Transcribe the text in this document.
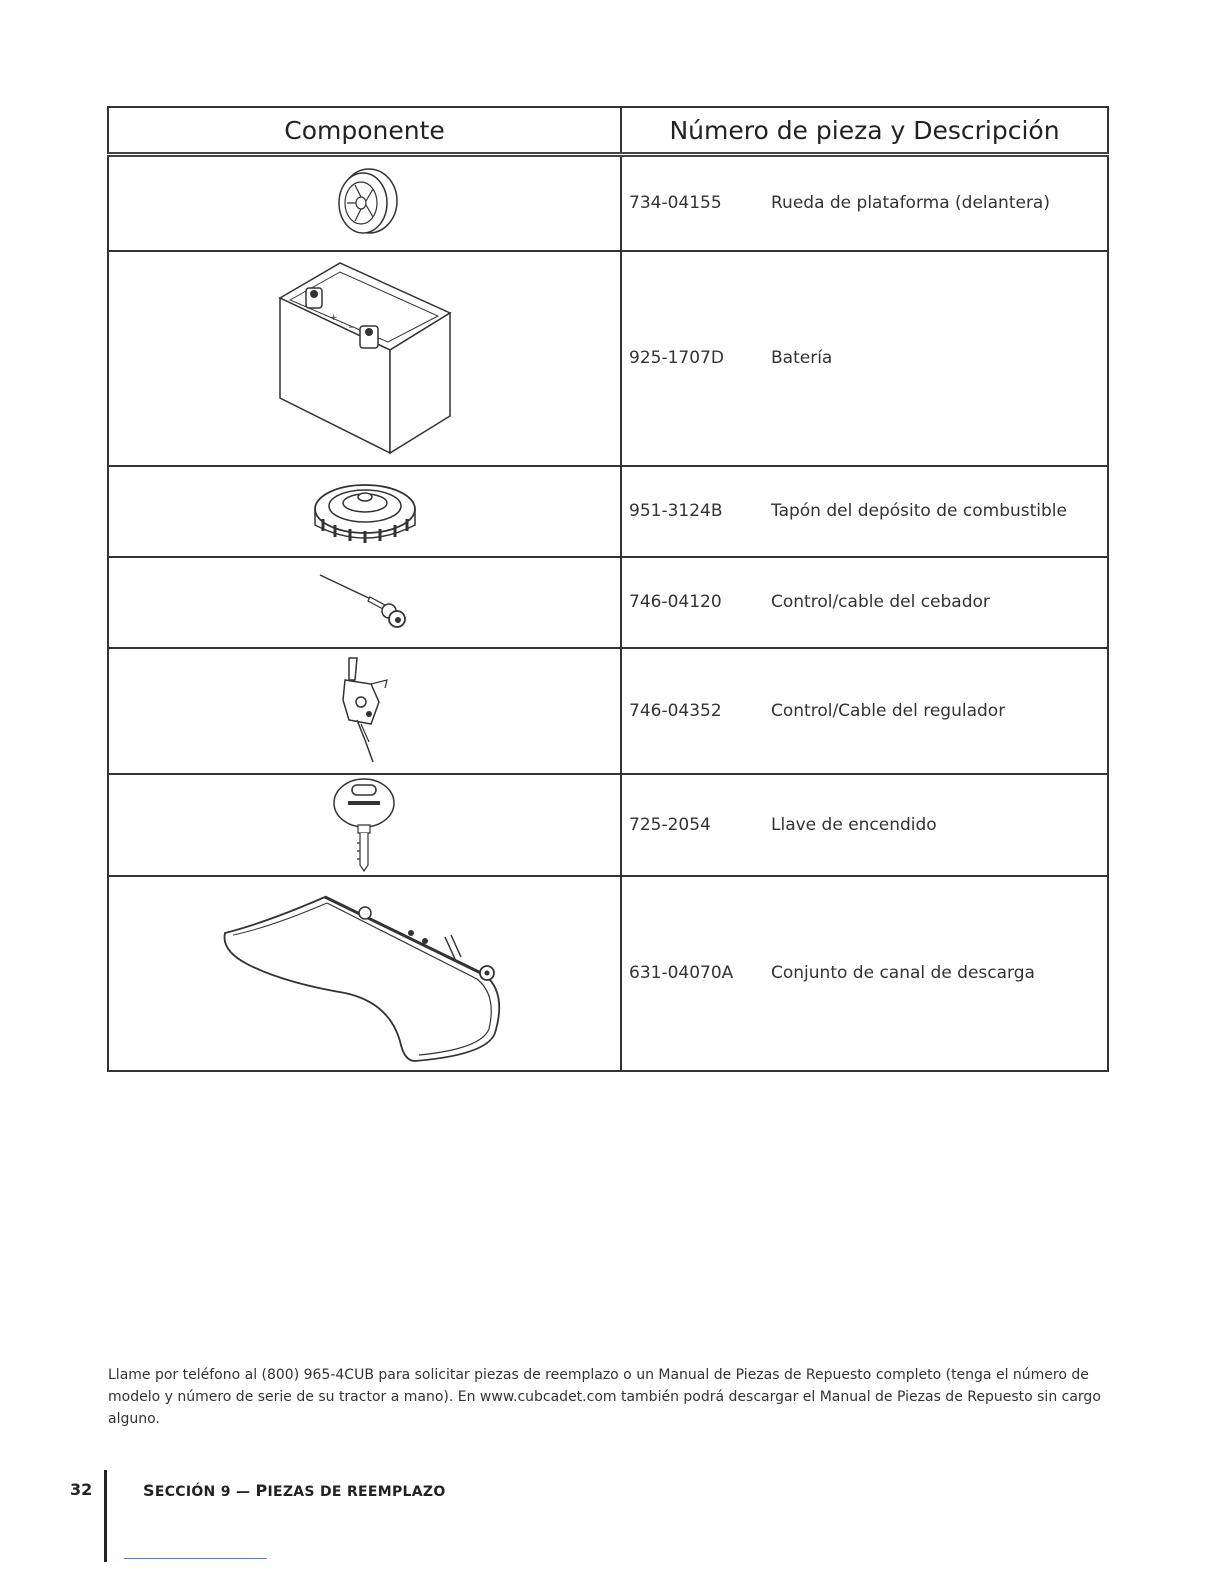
Componente	Número de pieza y Descripción
	734-04155 Rueda de plataforma (delantera)

+
−	925-1707D Batería
	951-3124B Tapón del depósito de combustible
	746-04120 Control/cable del cebador
	746-04352 Control/Cable del regulador
	725-2054 Llave de encendido
	631-04070A Conjunto de canal de descarga

Llame por teléfono al (800) 965-4CUB para solicitar piezas de reemplazo o un Manual de Piezas de Repuesto completo (tenga el número de modelo y número de serie de su tractor a mano). En www.cubcadet.com también podrá descargar el Manual de Piezas de Repuesto sin cargo alguno.

32	SECCIÓN 9 — PIEZAS DE REEMPLAZO
